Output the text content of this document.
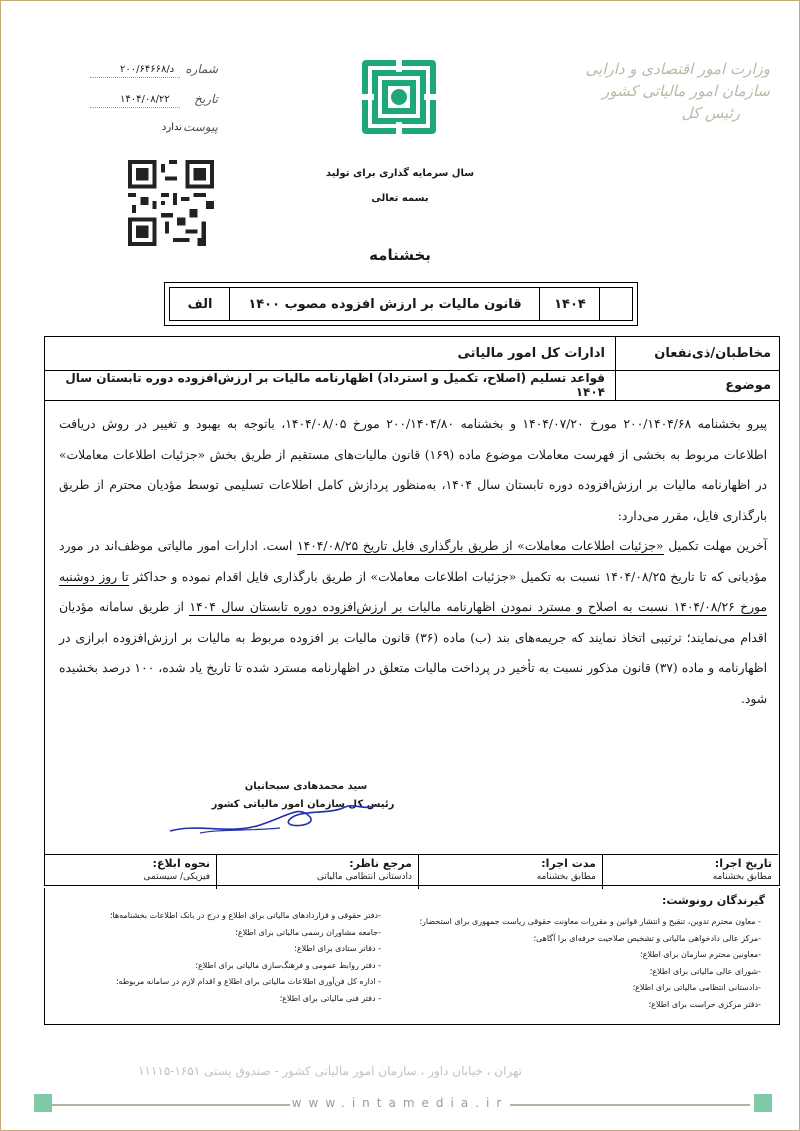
وزارت امور اقتصادی و دارایی
سازمان امور مالیاتی کشور
رئیس کل
سال سرمایه گذاری برای تولید
بسمه تعالی
شماره
د/۲۰۰/۶۴۶۶۸
تاریخ
۱۴۰۴/۰۸/۲۲
پیوست
ندارد
بخشنامه
۱۴۰۴
قانون مالیات بر ارزش افزوده مصوب ۱۴۰۰
الف
مخاطبان/ذی‌نفعان
ادارات کل امور مالیاتی
موضوع
قواعد تسلیم (اصلاح، تکمیل و استرداد) اظهارنامه مالیات بر ارزش‌افزوده دوره تابستان سال ۱۴۰۴

پیرو بخشنامه ۲۰۰/۱۴۰۴/۶۸ مورخ ۱۴۰۴/۰۷/۲۰ و بخشنامه ۲۰۰/۱۴۰۴/۸۰ مورخ ۱۴۰۴/۰۸/۰۵، باتوجه به بهبود و تغییر در روش دریافت اطلاعات مربوط به بخشی از فهرست معاملات موضوع ماده (۱۶۹) قانون مالیات‌های مستقیم از طریق بخش «جزئیات اطلاعات معاملات» در اظهارنامه مالیات بر ارزش‌افزوده دوره تابستان سال ۱۴۰۴، به‌منظور پردازش کامل اطلاعات تسلیمی توسط مؤدیان محترم از طریق بارگذاری فایل، مقرر می‌دارد:

آخرین مهلت تکمیل «جزئیات اطلاعات معاملات» از طریق بارگذاری فایل تاریخ ۱۴۰۴/۰۸/۲۵ است. ادارات امور مالیاتی موظف‌اند در مورد مؤدیانی که تا تاریخ ۱۴۰۴/۰۸/۲۵ نسبت به تکمیل «جزئیات اطلاعات معاملات» از طریق بارگذاری فایل اقدام نموده و حداکثر تا روز دوشنبه مورخ ۱۴۰۴/۰۸/۲۶ نسبت به اصلاح و مسترد نمودن اظهارنامه مالیات بر ارزش‌افزوده دوره تابستان سال ۱۴۰۴ از طریق سامانه مؤدیان اقدام می‌نمایند؛ ترتیبی اتخاذ نمایند که جریمه‌های بند (ب) ماده (۳۶) قانون مالیات بر افزوده مربوط به مالیات بر ارزش‌افزوده ابرازی در اظهارنامه و ماده (۳۷) قانون مذکور نسبت به تأخیر در پرداخت مالیات متعلق در اظهارنامه مسترد شده تا تاریخ یاد شده، ۱۰۰ درصد بخشیده شود.

سید محمدهادی سبحانیان
رئیس کل سازمان امور مالیاتی کشور
تاریخ اجرا:
مطابق بخشنامه
مدت اجرا:
مطابق بخشنامه
مرجع ناظر:
دادستانی انتظامی مالیاتی
نحوه ابلاغ:
فیزیکی/ سیستمی
گیرندگان رونوشت:
- معاون محترم تدوین، تنقیح و انتشار قوانین و مقررات معاونت حقوقی ریاست جمهوری برای استحضار؛
-مرکز عالی دادخواهی مالیاتی و تشخیص صلاحیت حرفه‌ای برا آگاهی؛
-معاونین محترم سازمان برای اطلاع؛
-شورای عالی مالیاتی برای اطلاع؛
-دادستانی انتظامی مالیاتی برای اطلاع؛
-دفتر مرکزی حراست برای اطلاع؛
-دفتر حقوقی و قراردادهای مالیاتی برای اطلاع و درج در بانک اطلاعات بخشنامه‌ها؛
-جامعه مشاوران رسمی مالیاتی برای اطلاع؛
- دفاتر ستادی برای اطلاع؛
- دفتر روابط عمومی و فرهنگ‌سازی مالیاتی برای اطلاع؛
- اداره کل فن‌آوری اطلاعات مالیاتی برای اطلاع و اقدام لازم در سامانه مربوطه؛
- دفتر فنی مالیاتی برای اطلاع؛
تهران ، خیابان داور ، سازمان امور مالیاتی کشور - صندوق پستی ۱۶۵۱-۱۱۱۱۵
www.intamedia.ir
